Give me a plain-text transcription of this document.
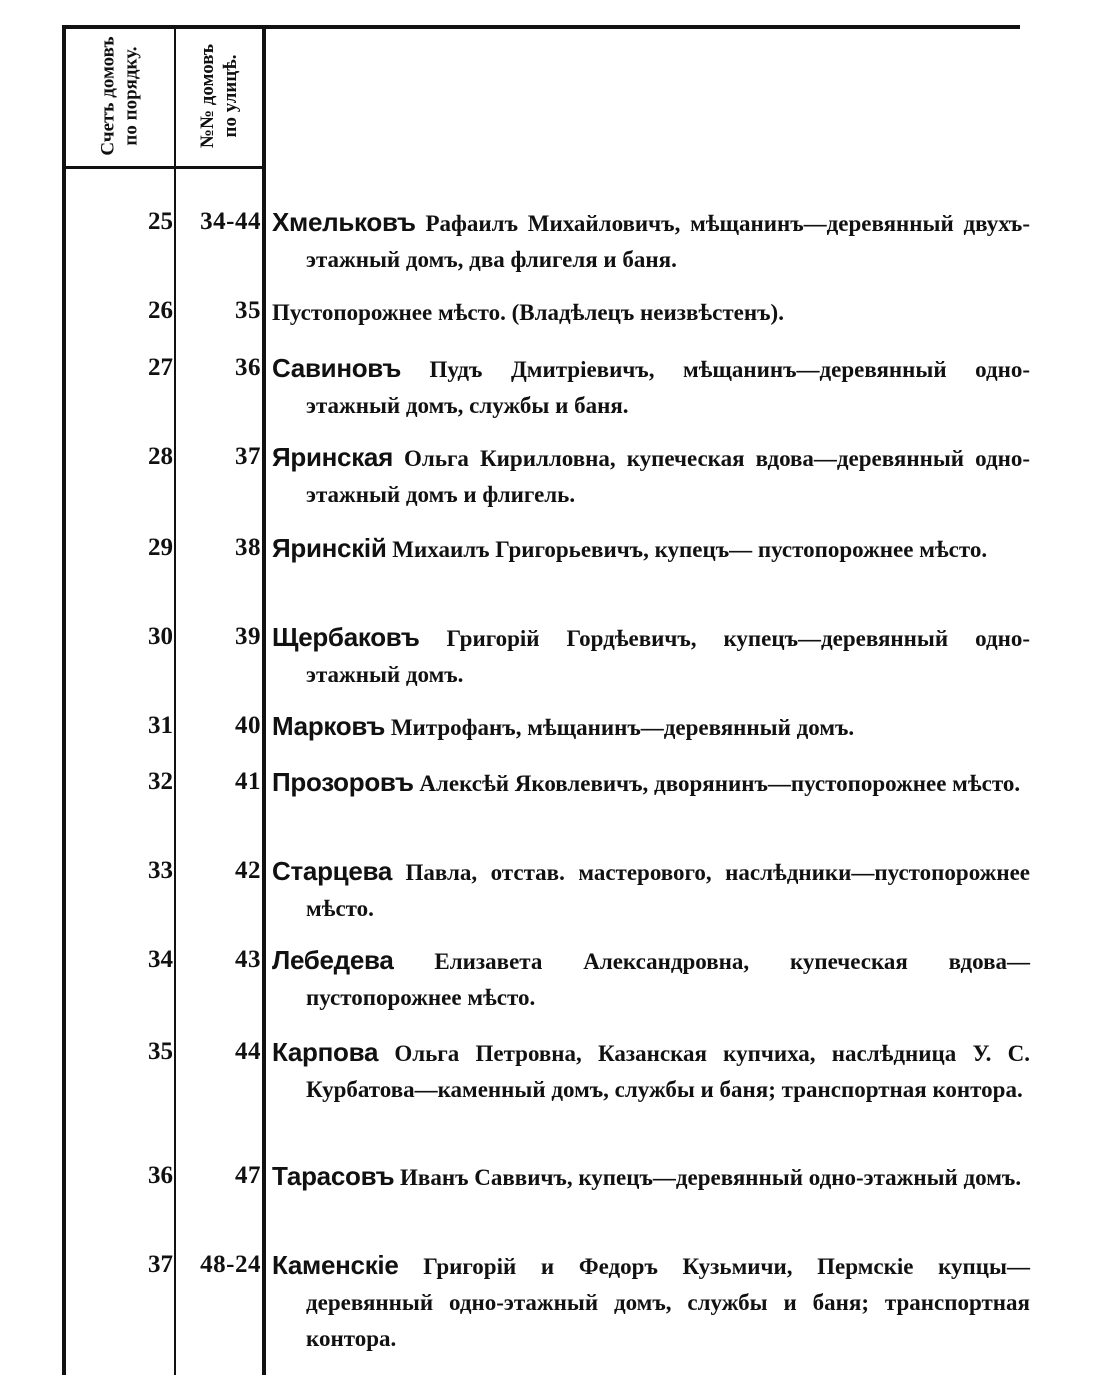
Счетъ домовъ по порядку.	№№ домовъ по улицѣ.
25	34-44 Хмельковъ Рафаилъ Михайловичъ, мѣщанинъ—деревянный двухъ-этажный домъ, два флигеля и баня.
26	35 Пустопорожнее мѣсто. (Владѣлецъ неизвѣстенъ).
27	36 Савиновъ Пудъ Дмитріевичъ, мѣщанинъ—деревянный одно-этажный домъ, службы и баня.
28	37 Яринская Ольга Кирилловна, купеческая вдова—деревянный одно-этажный домъ и флигель.
29	38 Яринскій Михаилъ Григорьевичъ, купецъ— пустопорожнее мѣсто.
30	39 Щербаковъ Григорій Гордѣевичъ, купецъ—деревянный одно-этажный домъ.
31	40 Марковъ Митрофанъ, мѣщанинъ—деревянный домъ.
32	41 Прозоровъ Алексѣй Яковлевичъ, дворянинъ—пустопорожнее мѣсто.
33	42 Старцева Павла, отстав. мастерового, наслѣдники—пустопорожнее мѣсто.
34	43 Лебедева Елизавета Александровна, купеческая вдова—пустопорожнее мѣсто.
35	44 Карпова Ольга Петровна, Казанская купчиха, наслѣдница У. С. Курбатова—каменный домъ, службы и баня; транспортная контора.
36	47 Тарасовъ Иванъ Саввичъ, купецъ—деревянный одно-этажный домъ.
37	48-24 Каменскіе Григорій и Федоръ Кузьмичи, Пермскіе купцы—деревянный одно-этажный домъ, службы и баня; транспортная контора.
